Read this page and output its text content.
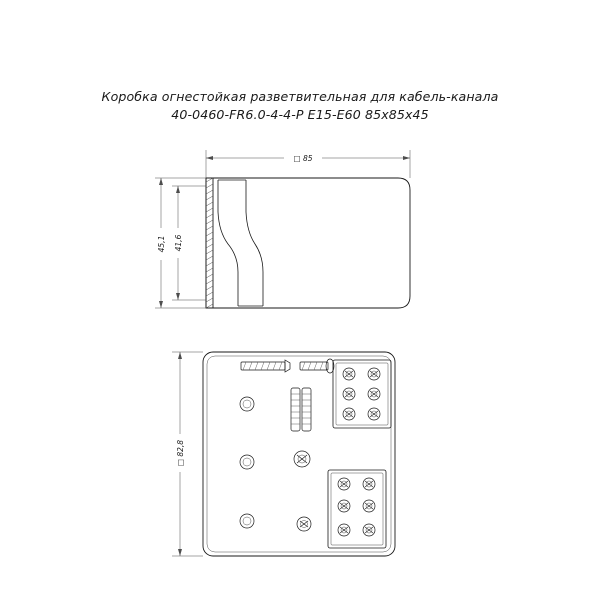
Коробка огнестойкая разветвительная для кабель-канала
40-0460-FR6.0-4-4-P Е15-Е60 85х85х45
□ 85
45,1 41,6
□ 82,8
